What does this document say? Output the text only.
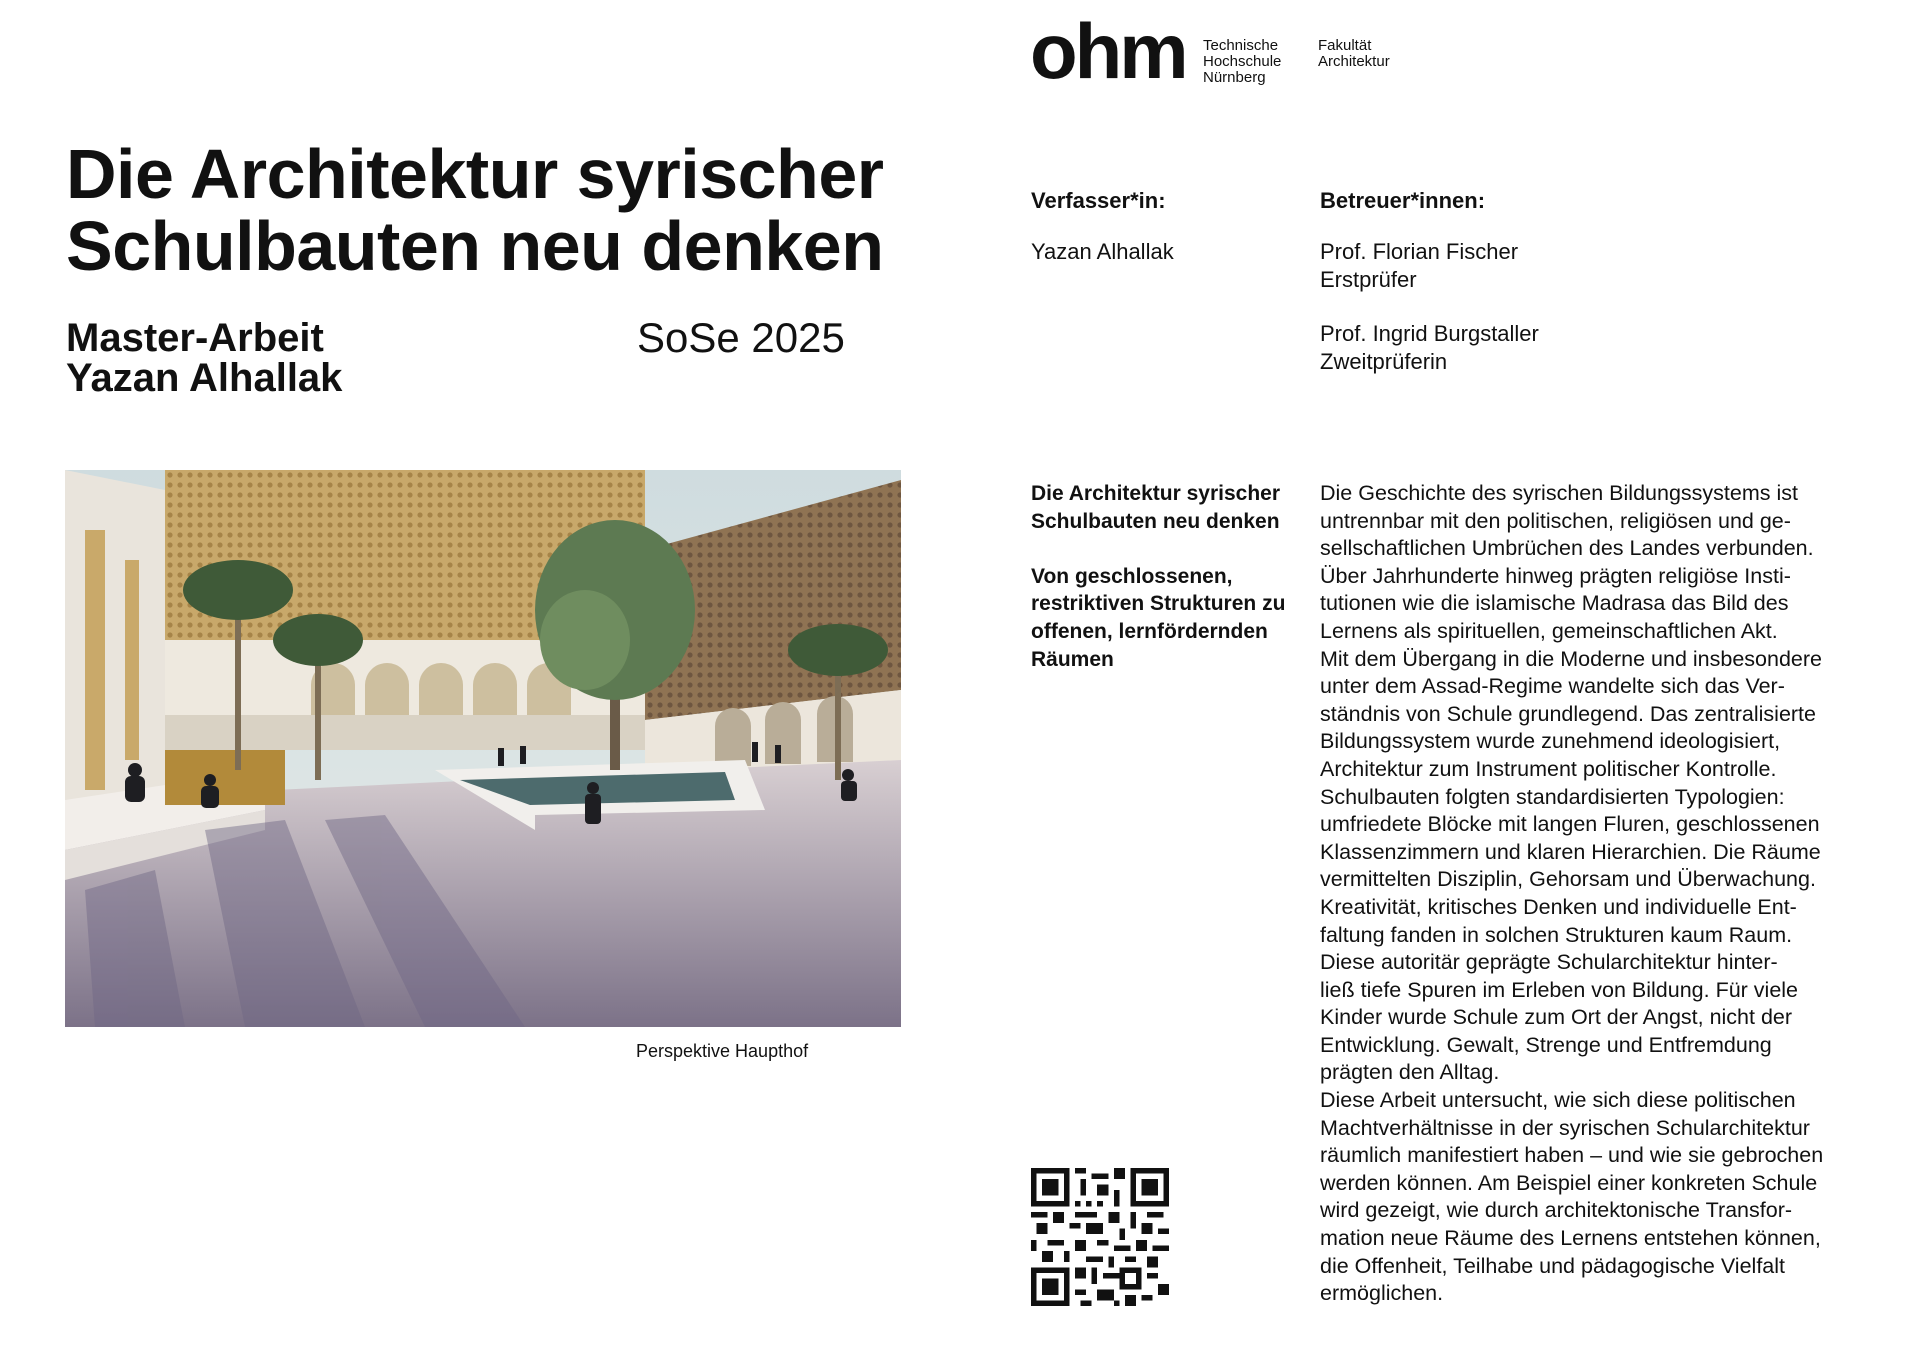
ohm Technische
Hochschule
Nürnberg
Fakultät
Architektur
Die Architektur syrischer
Schulbauten neu denken
Master-Arbeit
Yazan Alhallak
SoSe 2025
Perspektive Haupthof
Verfasser*in:
Yazan Alhallak
Betreuer*innen:
Prof. Florian Fischer
Erstprüfer
Prof. Ingrid Burgstaller
Zweitprüferin

Die Architektur syrischer Schulbauten neu denken

Von geschlossenen, restriktiven Strukturen zu offenen, lernfördernden Räumen

Die Geschichte des syrischen Bildungssystems ist
untrennbar mit den politischen, religiösen und ge-
sellschaftlichen Umbrüchen des Landes verbunden.
Über Jahrhunderte hinweg prägten religiöse Insti-
tutionen wie die islamische Madrasa das Bild des
Lernens als spirituellen, gemeinschaftlichen Akt.
Mit dem Übergang in die Moderne und insbesondere
unter dem Assad-Regime wandelte sich das Ver-
ständnis von Schule grundlegend. Das zentralisierte
Bildungssystem wurde zunehmend ideologisiert,
Architektur zum Instrument politischer Kontrolle.
Schulbauten folgten standardisierten Typologien:
umfriedete Blöcke mit langen Fluren, geschlossenen
Klassenzimmern und klaren Hierarchien. Die Räume
vermittelten Disziplin, Gehorsam und Überwachung.
Kreativität, kritisches Denken und individuelle Ent-
faltung fanden in solchen Strukturen kaum Raum.
Diese autoritär geprägte Schularchitektur hinter-
ließ tiefe Spuren im Erleben von Bildung. Für viele
Kinder wurde Schule zum Ort der Angst, nicht der
Entwicklung. Gewalt, Strenge und Entfremdung
prägten den Alltag.
Diese Arbeit untersucht, wie sich diese politischen
Machtverhältnisse in der syrischen Schularchitektur
räumlich manifestiert haben – und wie sie gebrochen
werden können. Am Beispiel einer konkreten Schule
wird gezeigt, wie durch architektonische Transfor-
mation neue Räume des Lernens entstehen können,
die Offenheit, Teilhabe und pädagogische Vielfalt
ermöglichen.
